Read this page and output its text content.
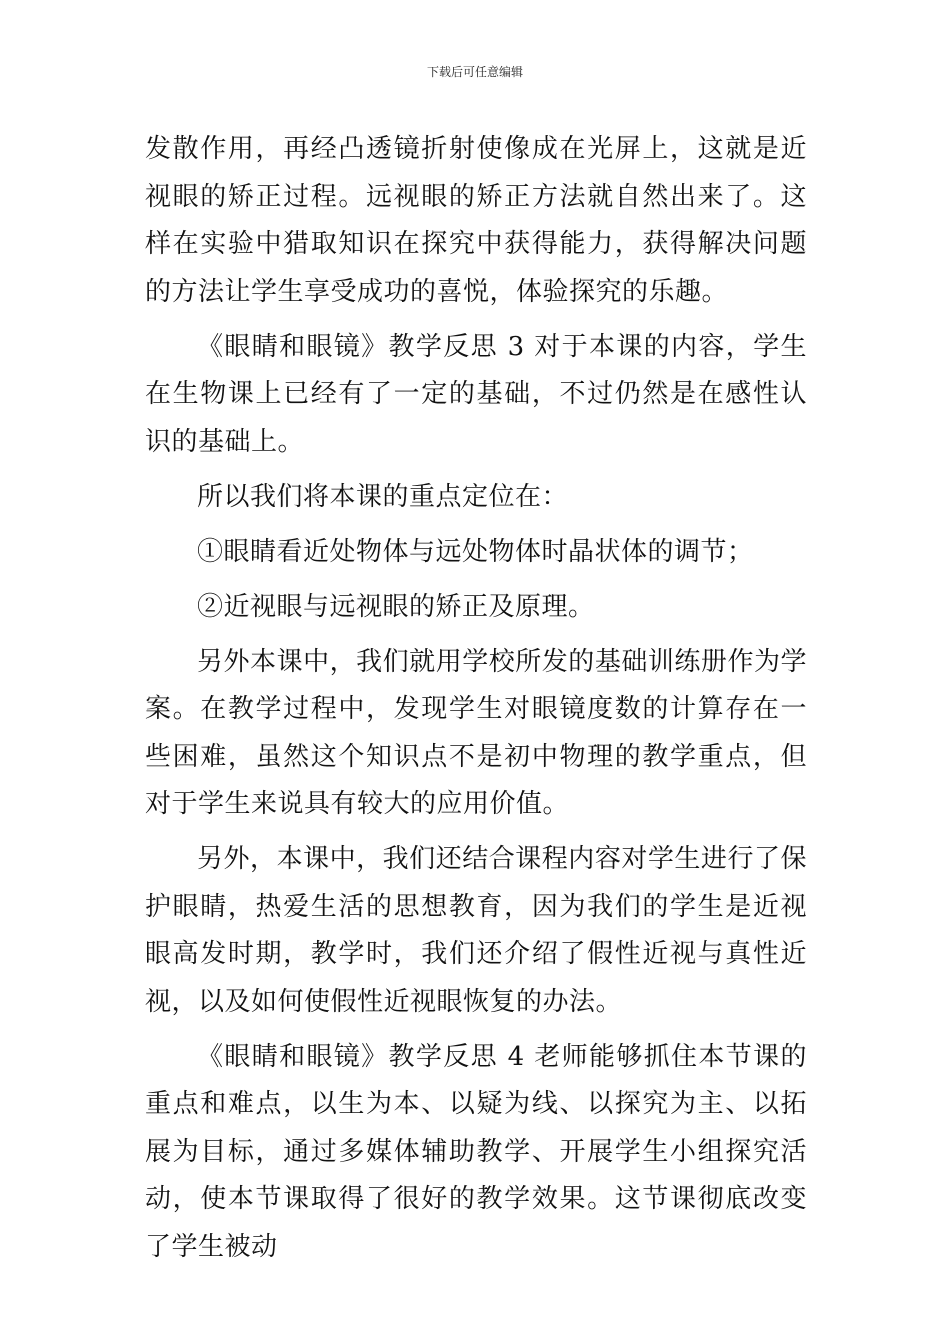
下载后可任意编辑

发散作用，再经凸透镜折射使像成在光屏上，这就是近视眼的矫正过程。远视眼的矫正方法就自然出来了。这样在实验中猎取知识在探究中获得能力，获得解决问题的方法让学生享受成功的喜悦，体验探究的乐趣。

《眼睛和眼镜》教学反思 3 对于本课的内容，学生在生物课上已经有了一定的基础，不过仍然是在感性认识的基础上。

所以我们将本课的重点定位在：

①眼睛看近处物体与远处物体时晶状体的调节；

②近视眼与远视眼的矫正及原理。

另外本课中，我们就用学校所发的基础训练册作为学案。在教学过程中，发现学生对眼镜度数的计算存在一些困难，虽然这个知识点不是初中物理的教学重点，但对于学生来说具有较大的应用价值。

另外，本课中，我们还结合课程内容对学生进行了保护眼睛，热爱生活的思想教育，因为我们的学生是近视眼高发时期，教学时，我们还介绍了假性近视与真性近视，以及如何使假性近视眼恢复的办法。

《眼睛和眼镜》教学反思 4 老师能够抓住本节课的重点和难点，以生为本、以疑为线、以探究为主、以拓展为目标，通过多媒体辅助教学、开展学生小组探究活动，使本节课取得了很好的教学效果。这节课彻底改变了学生被动
